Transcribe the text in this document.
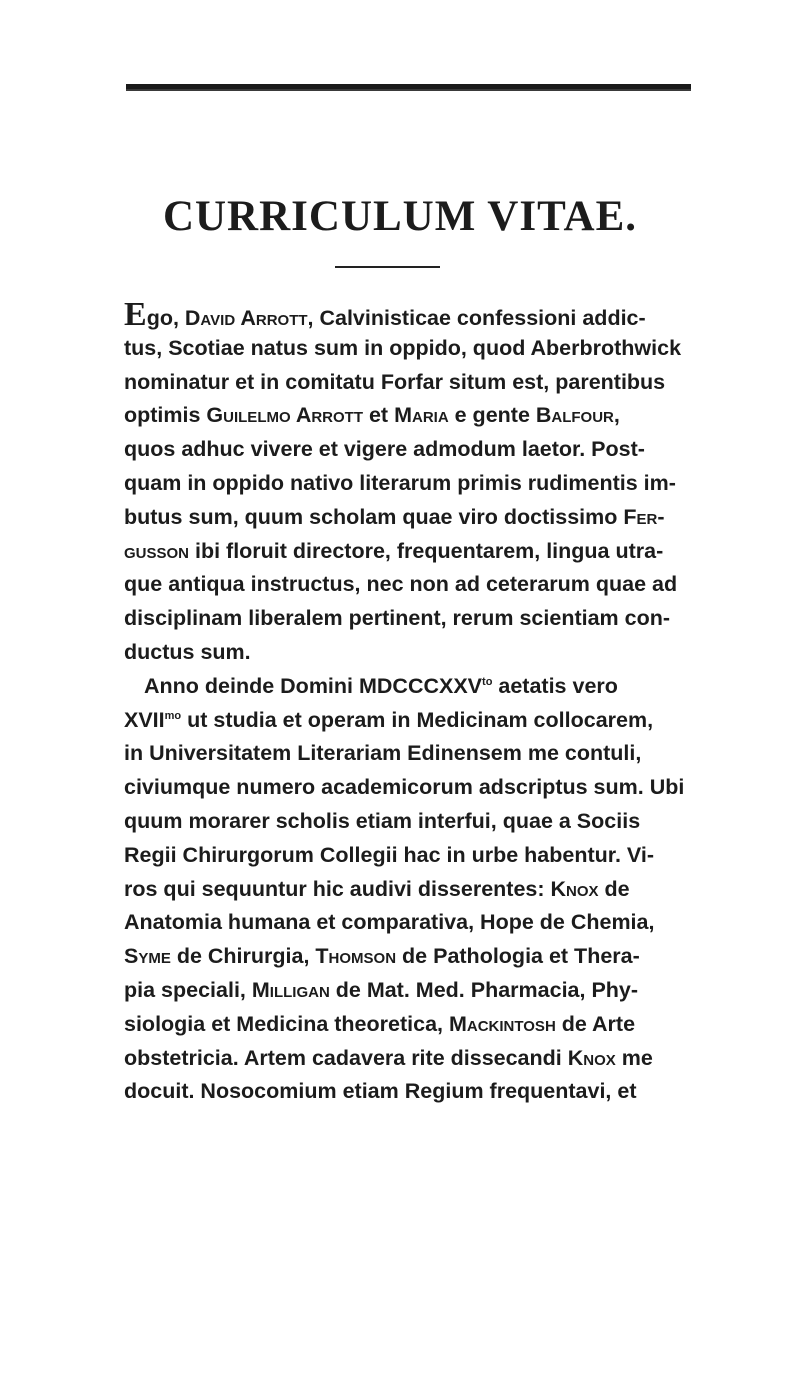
CURRICULUM VITAE.
Ego, David Arrott, Calvinisticae confessioni addic-
tus, Scotiae natus sum in oppido, quod Aberbrothwick
nominatur et in comitatu Forfar situm est, parentibus
optimis Guilelmo Arrott et Maria e gente Balfour,
quos adhuc vivere et vigere admodum laetor. Post-
quam in oppido nativo literarum primis rudimentis im-
butus sum, quum scholam quae viro doctissimo Fer-
gusson ibi floruit directore, frequentarem, lingua utra-
que antiqua instructus, nec non ad ceterarum quae ad
disciplinam liberalem pertinent, rerum scientiam con-
ductus sum.
Anno deinde Domini $MDCCCXXV^{to}$ aetatis vero
$XVII^{mo}$ ut studia et operam in Medicinam collocarem,
in Universitatem Literariam Edinensem me contuli,
civiumque numero academicorum adscriptus sum. Ubi
quum morarer scholis etiam interfui, quae a Sociis
Regii Chirurgorum Collegii hac in urbe habentur. Vi-
ros qui sequuntur hic audivi disserentes: Knox de
Anatomia humana et comparativa, Hope de Chemia,
Syme de Chirurgia, Thomson de Pathologia et Thera-
pia speciali, Milligan de Mat. Med. Pharmacia, Phy-
siologia et Medicina theoretica, Mackintosh de Arte
obstetricia. Artem cadavera rite dissecandi Knox me
docuit. Nosocomium etiam Regium frequentavi, et
